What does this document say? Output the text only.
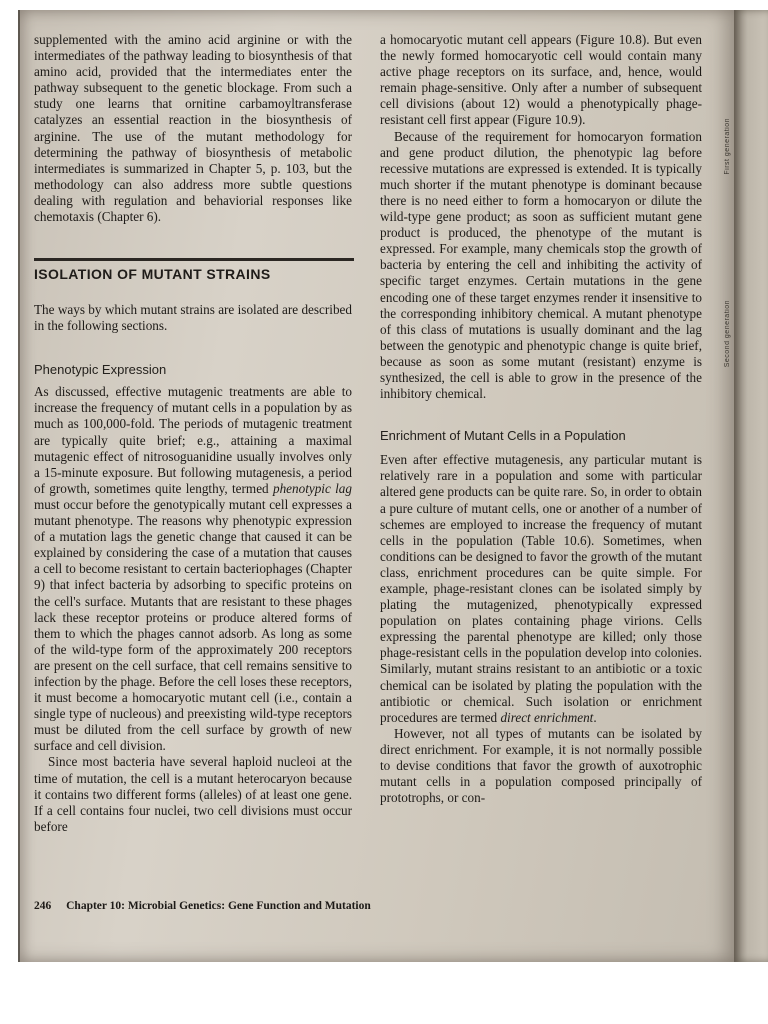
First generation
Second generation

supplemented with the amino acid arginine or with the intermediates of the pathway leading to biosynthesis of that amino acid, provided that the intermediates enter the pathway subsequent to the genetic blockage. From such a study one learns that ornitine carbamoyltransferase catalyzes an essential reaction in the biosynthesis of arginine. The use of the mutant methodology for determining the pathway of biosynthesis of metabolic intermediates is summarized in Chapter 5, p. 103, but the methodology can also address more subtle questions dealing with regulation and behaviorial responses like chemotaxis (Chapter 6).

ISOLATION OF MUTANT STRAINS

The ways by which mutant strains are isolated are described in the following sections.

Phenotypic Expression

As discussed, effective mutagenic treatments are able to increase the frequency of mutant cells in a population by as much as 100,000-fold. The periods of mutagenic treatment are typically quite brief; e.g., attaining a maximal mutagenic effect of nitrosoguanidine usually involves only a 15-minute exposure. But following mutagenesis, a period of growth, sometimes quite lengthy, termed phenotypic lag must occur before the genotypically mutant cell expresses a mutant phenotype. The reasons why phenotypic expression of a mutation lags the genetic change that caused it can be explained by considering the case of a mutation that causes a cell to become resistant to certain bacteriophages (Chapter 9) that infect bacteria by adsorbing to specific proteins on the cell's surface. Mutants that are resistant to these phages lack these receptor proteins or produce altered forms of them to which the phages cannot adsorb. As long as some of the wild-type form of the approximately 200 receptors are present on the cell surface, that cell remains sensitive to infection by the phage. Before the cell loses these receptors, it must become a homocaryotic mutant cell (i.e., contain a single type of nucleous) and preexisting wild-type receptors must be diluted from the cell surface by growth of new surface and cell division.

Since most bacteria have several haploid nucleoi at the time of mutation, the cell is a mutant heterocaryon because it contains two different forms (alleles) of at least one gene. If a cell contains four nuclei, two cell divisions must occur before

a homocaryotic mutant cell appears (Figure 10.8). But even the newly formed homocaryotic cell would contain many active phage receptors on its surface, and, hence, would remain phage-sensitive. Only after a number of subsequent cell divisions (about 12) would a phenotypically phage-resistant cell first appear (Figure 10.9).

Because of the requirement for homocaryon formation and gene product dilution, the phenotypic lag before recessive mutations are expressed is extended. It is typically much shorter if the mutant phenotype is dominant because there is no need either to form a homocaryon or dilute the wild-type gene product; as soon as sufficient mutant gene product is produced, the phenotype of the mutant is expressed. For example, many chemicals stop the growth of bacteria by entering the cell and inhibiting the activity of specific target enzymes. Certain mutations in the gene encoding one of these target enzymes render it insensitive to the corresponding inhibitory chemical. A mutant phenotype of this class of mutations is usually dominant and the lag between the genotypic and phenotypic change is quite brief, because as soon as some mutant (resistant) enzyme is synthesized, the cell is able to grow in the presence of the inhibitory chemical.

Enrichment of Mutant Cells in a Population

Even after effective mutagenesis, any particular mutant is relatively rare in a population and some with particular altered gene products can be quite rare. So, in order to obtain a pure culture of mutant cells, one or another of a number of schemes are employed to increase the frequency of mutant cells in the population (Table 10.6). Sometimes, when conditions can be designed to favor the growth of the mutant class, enrichment procedures can be quite simple. For example, phage-resistant clones can be isolated simply by plating the mutagenized, phenotypically expressed population on plates containing phage virions. Cells expressing the parental phenotype are killed; only those phage-resistant cells in the population develop into colonies. Similarly, mutant strains resistant to an antibiotic or a toxic chemical can be isolated by plating the population with the antibiotic or chemical. Such isolation or enrichment procedures are termed direct enrichment.

However, not all types of mutants can be isolated by direct enrichment. For example, it is not normally possible to devise conditions that favor the growth of auxotrophic mutant cells in a population composed principally of prototrophs, or con-

246 Chapter 10: Microbial Genetics: Gene Function and Mutation
